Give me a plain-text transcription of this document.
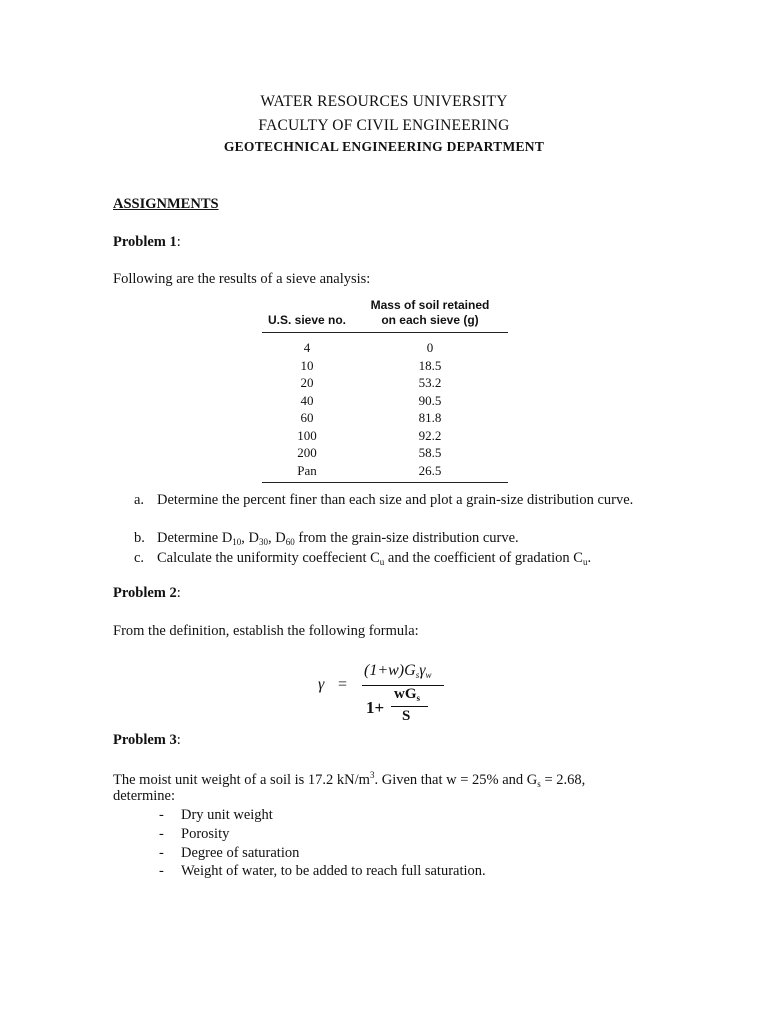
WATER RESOURCES UNIVERSITY
FACULTY OF CIVIL ENGINEERING
GEOTECHNICAL ENGINEERING DEPARTMENT

ASSIGNMENTS

Problem 1:

Following are the results of a sieve analysis:

U.S. sieve no.	Mass of soil retained
on each sieve (g)
4	0
10	18.5
20	53.2
40	90.5
60	81.8
100	92.2
200	58.5
Pan	26.5
a. Determine the percent finer than each size and plot a grain-size distribution curve.
b. Determine $D_{10}$, $D_{30}$, $D_{60}$ from the grain-size distribution curve.
c. Calculate the uniformity coeffecient $C_u$ and the coefficient of gradation $C_u$.

Problem 2:

From the definition, establish the following formula:

γ =
$(1+w)G_s\gamma_w$
1+
$wG_s$
S

Problem 3:

The moist unit weight of a soil is 17.2 $kN/m^3$. Given that w = 25% and $G_s = 2.68$,

determine:

- Dry unit weight
- Porosity
- Degree of saturation
- Weight of water, to be added to reach full saturation.
